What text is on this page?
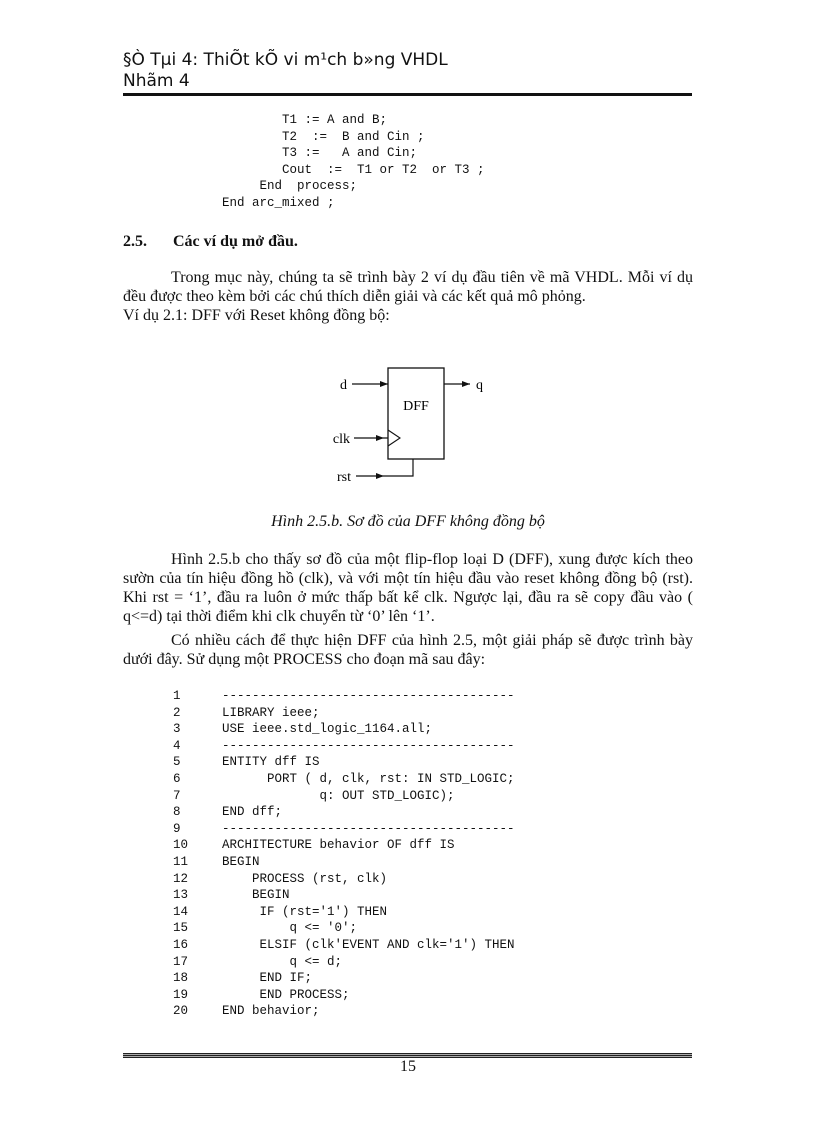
§Ò Tµi 4: ThiÕt kÕ vi m¹ch b»ng VHDL
Nhãm 4
T1 := A and B;
T2  :=  B and Cin ;
T3 :=   A and Cin;
Cout  :=  T1 or T2  or T3 ;
End  process;
End arc_mixed ;
2.5. Các ví dụ mở đầu.
Trong mục này, chúng ta sẽ trình bày 2 ví dụ đầu tiên về mã VHDL. Mỗi ví dụ đều được theo kèm bởi các chú thích diễn giải và các kết quả mô phỏng.
Ví dụ 2.1: DFF với Reset không đồng bộ:
DFF
d
clk
rst
q
Hình 2.5.b. Sơ đồ của DFF không đồng bộ
Hình 2.5.b cho thấy sơ đồ của một flip-flop loại D (DFF), xung được kích theo sườn của tín hiệu đồng hồ (clk), và với một tín hiệu đầu vào reset không đồng bộ (rst). Khi rst = ‘1’, đầu ra luôn ở mức thấp bất kể clk. Ngược lại, đầu ra sẽ copy đầu vào ( q<=d) tại thời điểm khi clk chuyển từ ‘0’ lên ‘1’.
Có nhiều cách để thực hiện DFF của hình 2.5, một giải pháp sẽ được trình bày dưới đây. Sử dụng một PROCESS cho đoạn mã sau đây:
1	---------------------------------------
2	LIBRARY ieee;
3	USE ieee.std_logic_1164.all;
4	---------------------------------------
5	ENTITY dff IS
6	PORT ( d, clk, rst: IN STD_LOGIC;
7	q: OUT STD_LOGIC);
8	END dff;
9	---------------------------------------
10	ARCHITECTURE behavior OF dff IS
11	BEGIN
12	PROCESS (rst, clk)
13	BEGIN
14	IF (rst='1') THEN
15	q <= '0';
16	ELSIF (clk'EVENT AND clk='1') THEN
17	q <= d;
18	END IF;
19	END PROCESS;
20	END behavior;
15
